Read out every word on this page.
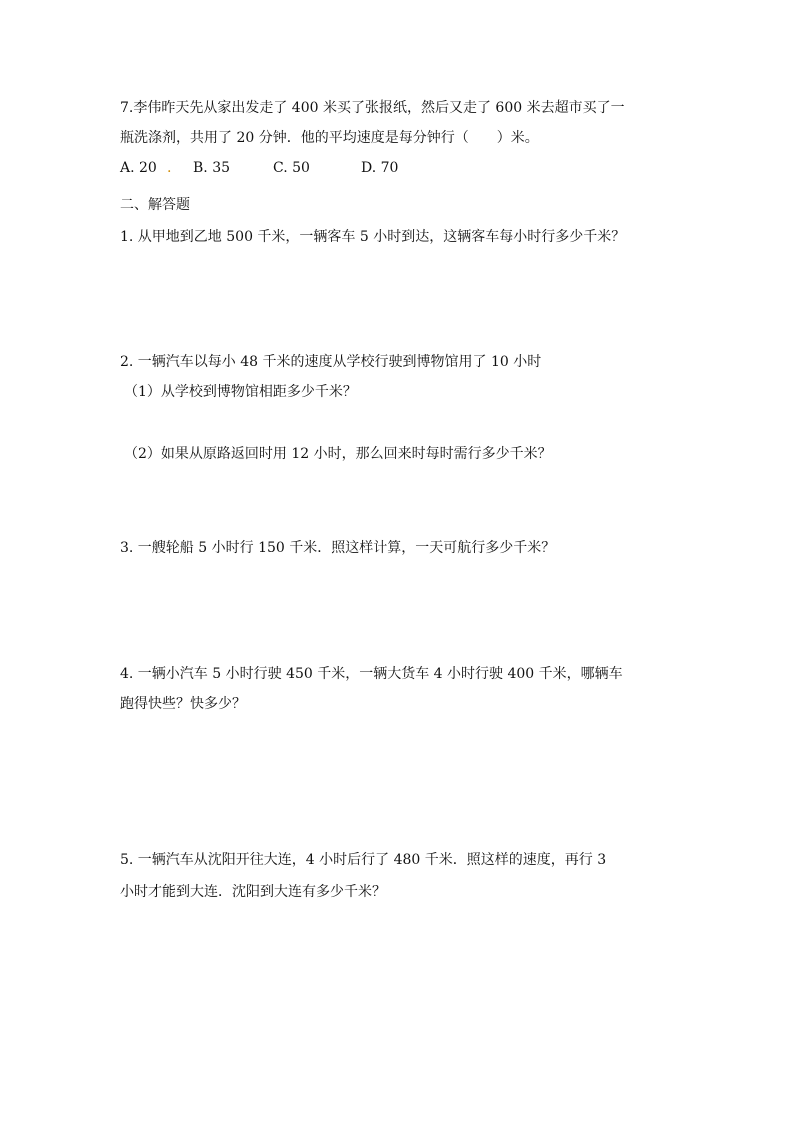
7.李伟昨天先从家出发走了 400 米买了张报纸，然后又走了 600 米去超市买了一
瓶洗涤剂，共用了 20 分钟．他的平均速度是每分钟行（　　）米。
A. 20 . B. 35	C. 50	D. 70
二、解答题
1. 从甲地到乙地 500 千米，一辆客车 5 小时到达，这辆客车每小时行多少千米？
2. 一辆汽车以每小 48 千米的速度从学校行驶到博物馆用了 10 小时
（1）从学校到博物馆相距多少千米？
（2）如果从原路返回时用 12 小时，那么回来时每时需行多少千米？
3. 一艘轮船 5 小时行 150 千米．照这样计算，一天可航行多少千米？
4. 一辆小汽车 5 小时行驶 450 千米，一辆大货车 4 小时行驶 400 千米，哪辆车
跑得快些？快多少？
5. 一辆汽车从沈阳开往大连，4 小时后行了 480 千米．照这样的速度，再行 3
小时才能到大连．沈阳到大连有多少千米？
